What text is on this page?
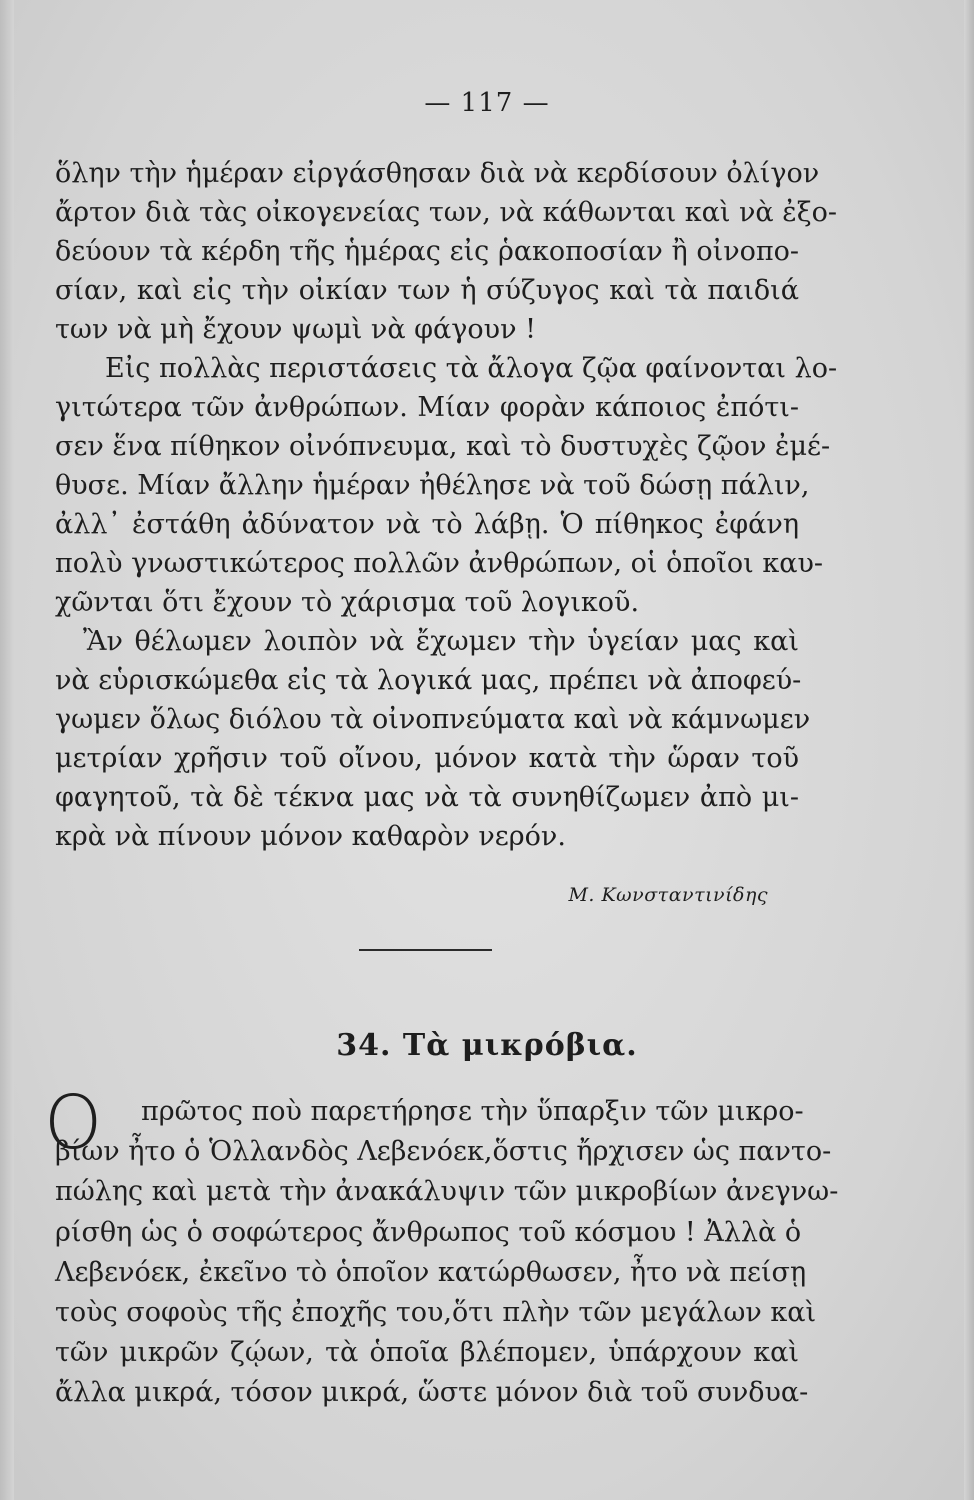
— 117 —
ὅλην τὴν ἡμέραν εἰργάσθησαν διὰ νὰ κερδίσουν ὀλίγον
ἄρτον διὰ τὰς οἰκογενείας των, νὰ κάθωνται καὶ νὰ ἐξο-
δεύουν τὰ κέρδη τῆς ἡμέρας εἰς ῥακοποσίαν ἢ οἰνοπο-
σίαν, καὶ εἰς τὴν οἰκίαν των ἡ σύζυγος καὶ τὰ παιδιά
των νὰ μὴ ἔχουν ψωμὶ νὰ φάγουν !
Εἰς πολλὰς περιστάσεις τὰ ἄλογα ζῷα φαίνονται λο-
γιτώτερα τῶν ἀνθρώπων. Μίαν φορὰν κάποιος ἐπότι-
σεν ἕνα πίθηκον οἰνόπνευμα, καὶ τὸ δυστυχὲς ζῷον ἐμέ-
θυσε. Μίαν ἄλλην ἡμέραν ἠθέλησε νὰ τοῦ δώσῃ πάλιν,
ἀλλ᾽ ἐστάθη ἀδύνατον νὰ τὸ λάβῃ. Ὁ πίθηκος ἐφάνη
πολὺ γνωστικώτερος πολλῶν ἀνθρώπων, οἱ ὁποῖοι καυ-
χῶνται ὅτι ἔχουν τὸ χάρισμα τοῦ λογικοῦ.
Ἂν θέλωμεν λοιπὸν νὰ ἔχωμεν τὴν ὑγείαν μας καὶ
νὰ εὑρισκώμεθα εἰς τὰ λογικά μας, πρέπει νὰ ἀποφεύ-
γωμεν ὅλως διόλου τὰ οἰνοπνεύματα καὶ νὰ κάμνωμεν
μετρίαν χρῆσιν τοῦ οἴνου, μόνον κατὰ τὴν ὥραν τοῦ
φαγητοῦ, τὰ δὲ τέκνα μας νὰ τὰ συνηθίζωμεν ἀπὸ μι-
κρὰ νὰ πίνουν μόνον καθαρὸν νερόν.
Μ. Κωνσταντινίδης
34. Τὰ μικρόβια.
Ο	πρῶτος ποὺ παρετήρησε τὴν ὕπαρξιν τῶν μικρο-
βίων ἦτο ὁ Ὁλλανδὸς Λεβενόεκ,ὅστις ἤρχισεν ὡς παντο-
πώλης καὶ μετὰ τὴν ἀνακάλυψιν τῶν μικροβίων ἀνεγνω-
ρίσθη ὡς ὁ σοφώτερος ἄνθρωπος τοῦ κόσμου ! Ἀλλὰ ὁ
Λεβενόεκ, ἐκεῖνο τὸ ὁποῖον κατώρθωσεν, ἦτο νὰ πείσῃ
τοὺς σοφοὺς τῆς ἐποχῆς του,ὅτι πλὴν τῶν μεγάλων καὶ
τῶν μικρῶν ζῴων, τὰ ὁποῖα βλέπομεν, ὑπάρχουν καὶ
ἄλλα μικρά, τόσον μικρά, ὥστε μόνον διὰ τοῦ συνδυα-
